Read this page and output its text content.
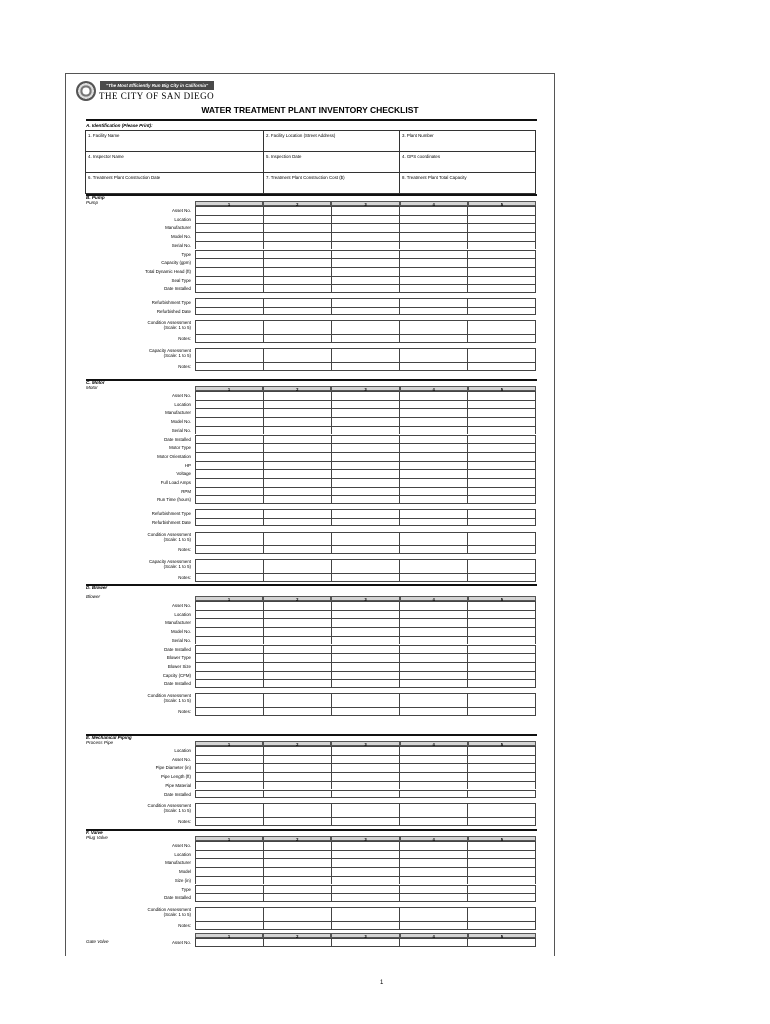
"The Most Efficiently Run Big City in California"
THE CITY OF SAN DIEGO
WATER TREATMENT PLANT INVENTORY CHECKLIST
A. Identification (Please Print):
1. Facility Name	2. Facility Location (Street Address)	3. Plant Number
4. Inspector Name	5. Inspection Date	4. GPS coordinates
6. Treatment Plant Construction Date	7. Treatment Plant Construction Cost ($)	8. Treatment Plant Total Capacity
B. Pump
Pump	1	2	3	4	5
Asset No.
Location
Manufacturer
Model No.
Serial No.
Type
Capacity (gpm)
Total Dynamic Head (ft)
Seal Type
Date Installed
Refurbishment Type
Refurbished Date
Condition Assessment
(Scale: 1 to 5)
Notes:
Capacity Assessment
(Scale: 1 to 5)
Notes:
C. Motor
Motor	1	2	3	4	5
Asset No.
Location
Manufacturer
Model No.
Serial No.
Date Installed
Motor Type
Motor Orientation
HP
Voltage
Full Load Amps
RPM
Run Time (hours)
Refurbishment Type
Refurbishment Date
Condition Assessment
(Scale: 1 to 5)
Notes:
Capacity Assessment
(Scale: 1 to 5)
Notes:
D. Blower
Blower
1	2	3	4	5
Asset No.
Location
Manufacturer
Model No.
Serial No.
Date Installed
Blower Type
Blower Size
Capcity (CFM)
Date Installed
Condition Assessment
(Scale: 1 to 5)
Notes:
E. Mechanical Piping
Process Pipe	1	2	3	4	5
Location
Asset No.
Pipe Diameter (in)
Pipe Length (ft)
Pipe Material
Date Installed
Condition Assessment
(Scale: 1 to 5)
Notes:
F. Valve
Plug Valve	1	2	3	4	5
Asset No.
Location
Manufacturer
Model
Size (in)
Type
Date Installed
Condition Assessment
(Scale: 1 to 5)
Notes:
Gate Valve
1	2	3	4	5
Asset No.
1
